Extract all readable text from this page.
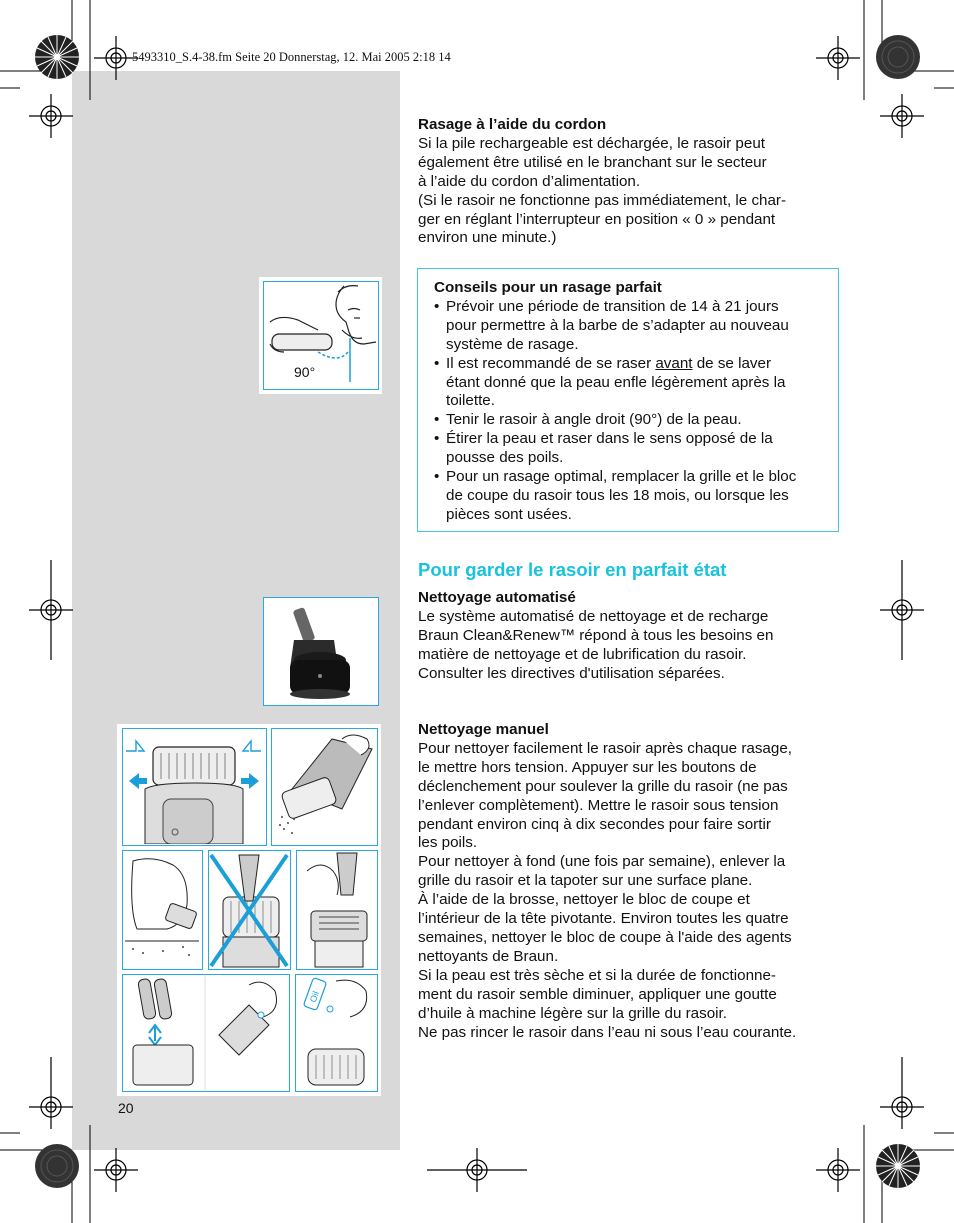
5493310_S.4-38.fm Seite 20 Donnerstag, 12. Mai 2005 2:18 14

Rasage à l’aide du cordon

Si la pile rechargeable est déchargée, le rasoir peut

également être utilisé en le branchant sur le secteur

à l’aide du cordon d’alimentation.

(Si le rasoir ne fonctionne pas immédiatement, le char-

ger en réglant l’interrupteur en position « 0 » pendant

environ une minute.)

Conseils pour un rasage parfait

• Prévoir une période de transition de 14 à 21 jours
pour permettre à la barbe de s’adapter au nouveau
système de rasage.
• Il est recommandé de se raser avant de se laver
étant donné que la peau enfle légèrement après la
toilette.
• Tenir le rasoir à angle droit (90°) de la peau.
• Étirer la peau et raser dans le sens opposé de la
pousse des poils.
• Pour un rasage optimal, remplacer la grille et le bloc
de coupe du rasoir tous les 18 mois, ou lorsque les
pièces sont usées.
Pour garder le rasoir en parfait état

Nettoyage automatisé

Le système automatisé de nettoyage et de recharge

Braun Clean&Renew™ répond à tous les besoins en

matière de nettoyage et de lubrification du rasoir.

Consulter les directives d'utilisation séparées.

Nettoyage manuel

Pour nettoyer facilement le rasoir après chaque rasage,

le mettre hors tension. Appuyer sur les boutons de

déclenchement pour soulever la grille du rasoir (ne pas

l’enlever complètement). Mettre le rasoir sous tension

pendant environ cinq à dix secondes pour faire sortir

les poils.

Pour nettoyer à fond (une fois par semaine), enlever la

grille du rasoir et la tapoter sur une surface plane.

À l’aide de la brosse, nettoyer le bloc de coupe et

l’intérieur de la tête pivotante. Environ toutes les quatre

semaines, nettoyer le bloc de coupe à l'aide des agents

nettoyants de Braun.

Si la peau est très sèche et si la durée de fonctionne-

ment du rasoir semble diminuer, appliquer une goutte

d’huile à machine légère sur la grille du rasoir.

Ne pas rincer le rasoir dans l’eau ni sous l’eau courante.

90°
Oil
20
